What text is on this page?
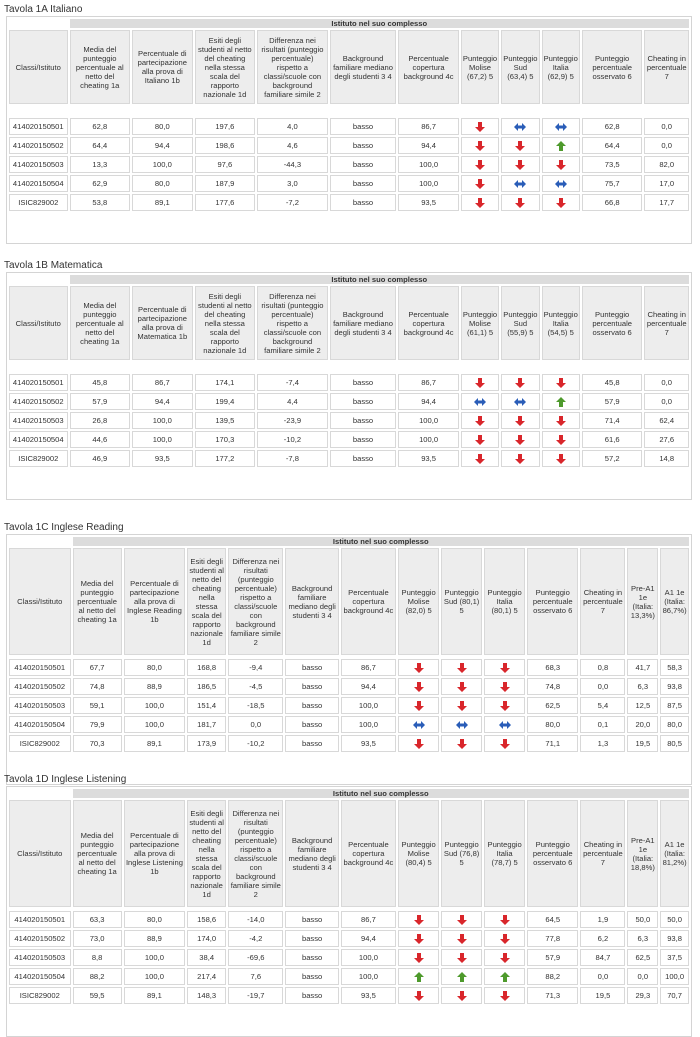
Tavola 1A Italiano
	Istituto nel suo complesso										
Classi/Istituto	Media del punteggio percentuale al netto del cheating 1a	Percentuale di partecipazione alla prova di Italiano 1b	Esiti degli studenti al netto del cheating nella stessa scala del rapporto nazionale 1d	Differenza nei risultati (punteggio percentuale) rispetto a classi/scuole con background familiare simile 2	Background familiare mediano degli studenti 3 4	Percentuale copertura background 4c	Punteggio Molise (67,2) 5	Punteggio Sud (63,4) 5	Punteggio Italia (62,9) 5	Punteggio percentuale osservato 6	Cheating in percentuale 7

414020150501	62,8	80,0	197,6	4,0	basso	86,7				62,8	0,0
414020150502	64,4	94,4	198,6	4,6	basso	94,4				64,4	0,0
414020150503	13,3	100,0	97,6	-44,3	basso	100,0				73,5	82,0
414020150504	62,9	80,0	187,9	3,0	basso	100,0				75,7	17,0
ISIC829002	53,8	89,1	177,6	-7,2	basso	93,5				66,8	17,7
Tavola 1B Matematica
	Istituto nel suo complesso										
Classi/Istituto	Media del punteggio percentuale al netto del cheating 1a	Percentuale di partecipazione alla prova di Matematica 1b	Esiti degli studenti al netto del cheating nella stessa scala del rapporto nazionale 1d	Differenza nei risultati (punteggio percentuale) rispetto a classi/scuole con background familiare simile 2	Background familiare mediano degli studenti 3 4	Percentuale copertura background 4c	Punteggio Molise (61,1) 5	Punteggio Sud (55,9) 5	Punteggio Italia (54,5) 5	Punteggio percentuale osservato 6	Cheating in percentuale 7

414020150501	45,8	86,7	174,1	-7,4	basso	86,7				45,8	0,0
414020150502	57,9	94,4	199,4	4,4	basso	94,4				57,9	0,0
414020150503	26,8	100,0	139,5	-23,9	basso	100,0				71,4	62,4
414020150504	44,6	100,0	170,3	-10,2	basso	100,0				61,6	27,6
ISIC829002	46,9	93,5	177,2	-7,8	basso	93,5				57,2	14,8
Tavola 1C Inglese Reading
	Istituto nel suo complesso												
Classi/Istituto	Media del punteggio percentuale al netto del cheating 1a	Percentuale di partecipazione alla prova di Inglese Reading 1b	Esiti degli studenti al netto del cheating nella stessa scala del rapporto nazionale 1d	Differenza nei risultati (punteggio percentuale) rispetto a classi/scuole con background familiare simile 2	Background familiare mediano degli studenti 3 4	Percentuale copertura background 4c	Punteggio Molise (82,0) 5	Punteggio Sud (80,1) 5	Punteggio Italia (80,1) 5	Punteggio percentuale osservato 6	Cheating in percentuale 7	Pre-A1 1e (Italia: 13,3%)	A1 1e (Italia: 86,7%)

414020150501	67,7	80,0	168,8	-9,4	basso	86,7				68,3	0,8	41,7	58,3
414020150502	74,8	88,9	186,5	-4,5	basso	94,4				74,8	0,0	6,3	93,8
414020150503	59,1	100,0	151,4	-18,5	basso	100,0				62,5	5,4	12,5	87,5
414020150504	79,9	100,0	181,7	0,0	basso	100,0				80,0	0,1	20,0	80,0
ISIC829002	70,3	89,1	173,9	-10,2	basso	93,5				71,1	1,3	19,5	80,5
Tavola 1D Inglese Listening
	Istituto nel suo complesso												
Classi/Istituto	Media del punteggio percentuale al netto del cheating 1a	Percentuale di partecipazione alla prova di Inglese Listening 1b	Esiti degli studenti al netto del cheating nella stessa scala del rapporto nazionale 1d	Differenza nei risultati (punteggio percentuale) rispetto a classi/scuole con background familiare simile 2	Background familiare mediano degli studenti 3 4	Percentuale copertura background 4c	Punteggio Molise (80,4) 5	Punteggio Sud (76,8) 5	Punteggio Italia (78,7) 5	Punteggio percentuale osservato 6	Cheating in percentuale 7	Pre-A1 1e (Italia: 18,8%)	A1 1e (Italia: 81,2%)

414020150501	63,3	80,0	158,6	-14,0	basso	86,7				64,5	1,9	50,0	50,0
414020150502	73,0	88,9	174,0	-4,2	basso	94,4				77,8	6,2	6,3	93,8
414020150503	8,8	100,0	38,4	-69,6	basso	100,0				57,9	84,7	62,5	37,5
414020150504	88,2	100,0	217,4	7,6	basso	100,0				88,2	0,0	0,0	100,0
ISIC829002	59,5	89,1	148,3	-19,7	basso	93,5				71,3	19,5	29,3	70,7
